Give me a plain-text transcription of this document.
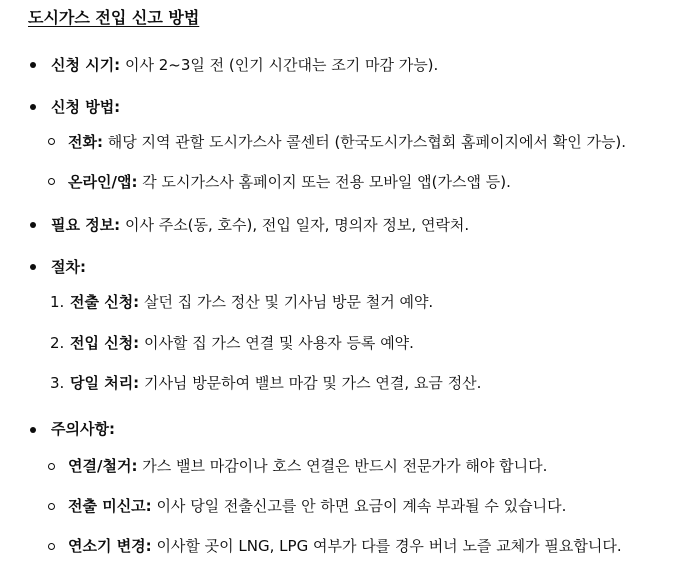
도시가스 전입 신고 방법
신청 시기: 이사 2~3일 전 (인기 시간대는 조기 마감 가능).
신청 방법:
전화: 해당 지역 관할 도시가스사 콜센터 (한국도시가스협회 홈페이지에서 확인 가능).
온라인/앱: 각 도시가스사 홈페이지 또는 전용 모바일 앱(가스앱 등).
필요 정보: 이사 주소(동, 호수), 전입 일자, 명의자 정보, 연락처.
절차:
1. 전출 신청: 살던 집 가스 정산 및 기사님 방문 철거 예약.
2. 전입 신청: 이사할 집 가스 연결 및 사용자 등록 예약.
3. 당일 처리: 기사님 방문하여 밸브 마감 및 가스 연결, 요금 정산.
주의사항:
연결/철거: 가스 밸브 마감이나 호스 연결은 반드시 전문가가 해야 합니다.
전출 미신고: 이사 당일 전출신고를 안 하면 요금이 계속 부과될 수 있습니다.
연소기 변경: 이사할 곳이 LNG, LPG 여부가 다를 경우 버너 노즐 교체가 필요합니다.
